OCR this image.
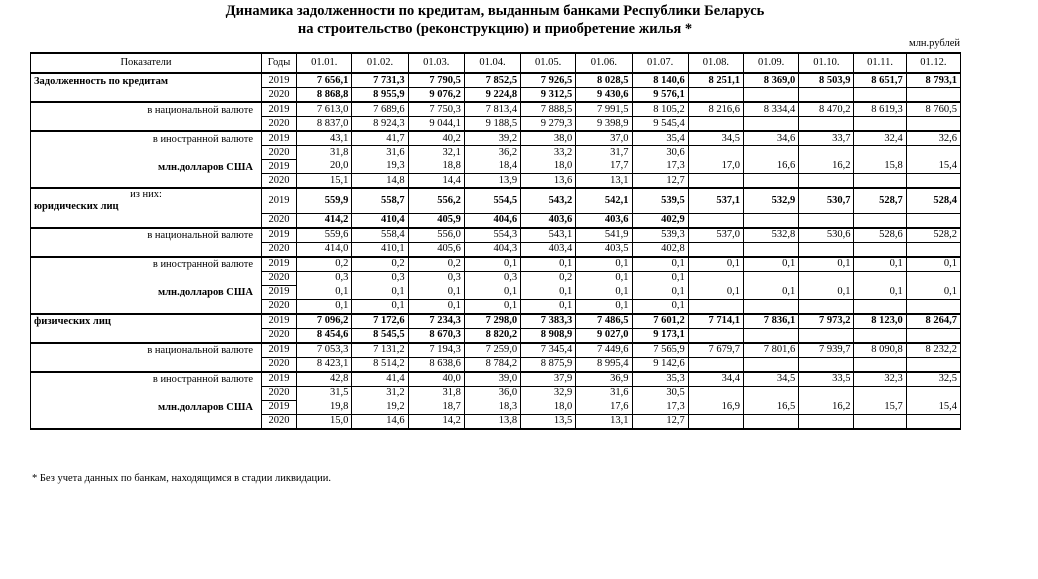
Динамика задолженности по кредитам, выданным банками Республики Беларусь
на строительство (реконструкцию) и приобретение жилья *
млн.рублей
Показатели	Годы	01.01.	01.02.	01.03.	01.04.	01.05.	01.06.	01.07.	01.08.	01.09.	01.10.	01.11.	01.12.
Задолженность по кредитам	2019	7 656,1	7 731,3	7 790,5	7 852,5	7 926,5	8 028,5	8 140,6	8 251,1	8 369,0	8 503,9	8 651,7	8 793,1
	2020	8 868,8	8 955,9	9 076,2	9 224,8	9 312,5	9 430,6	9 576,1					
в национальной валюте	2019	7 613,0	7 689,6	7 750,3	7 813,4	7 888,5	7 991,5	8 105,2	8 216,6	8 334,4	8 470,2	8 619,3	8 760,5
	2020	8 837,0	8 924,3	9 044,1	9 188,5	9 279,3	9 398,9	9 545,4					
в иностранной валюте	2019	43,1	41,7	40,2	39,2	38,0	37,0	35,4	34,5	34,6	33,7	32,4	32,6
	2020	31,8	31,6	32,1	36,2	33,2	31,7	30,6					
млн.долларов США	2019	20,0	19,3	18,8	18,4	18,0	17,7	17,3	17,0	16,6	16,2	15,8	15,4
	2020	15,1	14,8	14,4	13,9	13,6	13,1	12,7					

из них:
юридических лиц	2019	559,9	558,7	556,2	554,5	543,2	542,1	539,5	537,1	532,9	530,7	528,7	528,4
	2020	414,2	410,4	405,9	404,6	403,6	403,6	402,9					
в национальной валюте	2019	559,6	558,4	556,0	554,3	543,1	541,9	539,3	537,0	532,8	530,6	528,6	528,2
	2020	414,0	410,1	405,6	404,3	403,4	403,5	402,8					
в иностранной валюте	2019	0,2	0,2	0,2	0,1	0,1	0,1	0,1	0,1	0,1	0,1	0,1	0,1
	2020	0,3	0,3	0,3	0,3	0,2	0,1	0,1					
млн.долларов США	2019	0,1	0,1	0,1	0,1	0,1	0,1	0,1	0,1	0,1	0,1	0,1	0,1
	2020	0,1	0,1	0,1	0,1	0,1	0,1	0,1					
физических лиц	2019	7 096,2	7 172,6	7 234,3	7 298,0	7 383,3	7 486,5	7 601,2	7 714,1	7 836,1	7 973,2	8 123,0	8 264,7
	2020	8 454,6	8 545,5	8 670,3	8 820,2	8 908,9	9 027,0	9 173,1					
в национальной валюте	2019	7 053,3	7 131,2	7 194,3	7 259,0	7 345,4	7 449,6	7 565,9	7 679,7	7 801,6	7 939,7	8 090,8	8 232,2
	2020	8 423,1	8 514,2	8 638,6	8 784,2	8 875,9	8 995,4	9 142,6					
в иностранной валюте	2019	42,8	41,4	40,0	39,0	37,9	36,9	35,3	34,4	34,5	33,5	32,3	32,5
	2020	31,5	31,2	31,8	36,0	32,9	31,6	30,5					
млн.долларов США	2019	19,8	19,2	18,7	18,3	18,0	17,6	17,3	16,9	16,5	16,2	15,7	15,4
	2020	15,0	14,6	14,2	13,8	13,5	13,1	12,7					
* Без учета данных по банкам, находящимся в стадии ликвидации.
